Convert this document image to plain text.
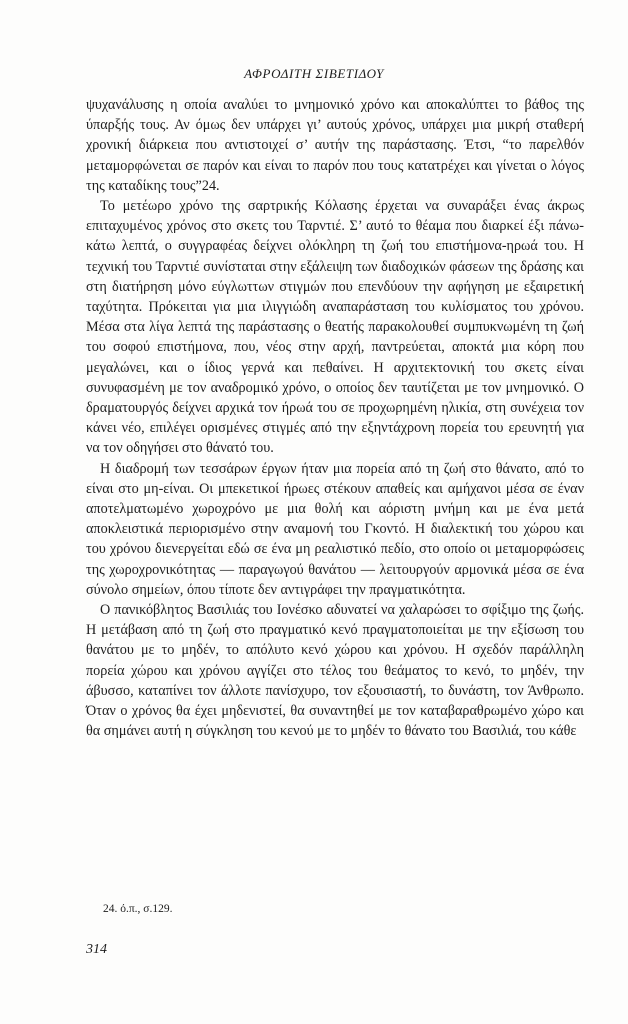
ΑΦΡΟΔΙΤΗ ΣΙΒΕΤΙΔΟΥ

ψυχανάλυσης η οποία αναλύει το μνημονικό χρόνο και αποκαλύπτει το βάθος της ύπαρξής τους. Αν όμως δεν υπάρχει γι’ αυτούς χρόνος, υπάρχει μια μικρή σταθερή χρονική διάρκεια που αντιστοιχεί σ’ αυτήν της παράστασης. Έτσι, “το παρελθόν μεταμορφώνεται σε παρόν και είναι το παρόν που τους κατατρέχει και γίνεται ο λόγος της καταδίκης τους”24.

Το μετέωρο χρόνο της σαρτρικής Κόλασης έρχεται να συναράξει ένας άκρως επιταχυμένος χρόνος στο σκετς του Ταρντιέ. Σ’ αυτό το θέαμα που διαρκεί έξι πάνω-κάτω λεπτά, ο συγγραφέας δείχνει ολόκληρη τη ζωή του επιστήμονα-ηρωά του. Η τεχνική του Ταρντιέ συνίσταται στην εξάλειψη των διαδοχικών φάσεων της δράσης και στη διατήρηση μόνο εύγλωττων στιγμών που επενδύουν την αφήγηση με εξαιρετική ταχύτητα. Πρόκειται για μια ιλιγγιώδη αναπαράσταση του κυλίσματος του χρόνου. Μέσα στα λίγα λεπτά της παράστασης ο θεατής παρακολουθεί συμπυκνωμένη τη ζωή του σοφού επιστήμονα, που, νέος στην αρχή, παντρεύεται, αποκτά μια κόρη που μεγαλώνει, και ο ίδιος γερνά και πεθαίνει. Η αρχιτεκτονική του σκετς είναι συνυφασμένη με τον αναδρομικό χρόνο, ο οποίος δεν ταυτίζεται με τον μνημονικό. Ο δραματουργός δείχνει αρχικά τον ήρωά του σε προχωρημένη ηλικία, στη συνέχεια τον κάνει νέο, επιλέγει ορισμένες στιγμές από την εξηντάχρονη πορεία του ερευνητή για να τον οδηγήσει στο θάνατό του.

Η διαδρομή των τεσσάρων έργων ήταν μια πορεία από τη ζωή στο θάνατο, από το είναι στο μη-είναι. Οι μπεκετικοί ήρωες στέκουν απαθείς και αμήχανοι μέσα σε έναν αποτελματωμένο χωροχρόνο με μια θολή και αόριστη μνήμη και με ένα μετά αποκλειστικά περιορισμένο στην αναμονή του Γκοντό. Η διαλεκτική του χώρου και του χρόνου διενεργείται εδώ σε ένα μη ρεαλιστικό πεδίο, στο οποίο οι μεταμορφώσεις της χωροχρονικότητας — παραγωγού θανάτου — λειτουργούν αρμονικά μέσα σε ένα σύνολο σημείων, όπου τίποτε δεν αντιγράφει την πραγματικότητα.

Ο πανικόβλητος Βασιλιάς του Ιονέσκο αδυνατεί να χαλαρώσει το σφίξιμο της ζωής. Η μετάβαση από τη ζωή στο πραγματικό κενό πραγματοποιείται με την εξίσωση του θανάτου με το μηδέν, το απόλυτο κενό χώρου και χρόνου. Η σχεδόν παράλληλη πορεία χώρου και χρόνου αγγίζει στο τέλος του θεάματος το κενό, το μηδέν, την άβυσσο, καταπίνει τον άλλοτε πανίσχυρο, τον εξουσιαστή, το δυνάστη, τον Άνθρωπο. Όταν ο χρόνος θα έχει μηδενιστεί, θα συναντηθεί με τον καταβαραθρωμένο χώρο και θα σημάνει αυτή η σύγκληση του κενού με το μηδέν το θάνατο του Βασιλιά, του κάθε

24. ό.π., σ.129.
314
